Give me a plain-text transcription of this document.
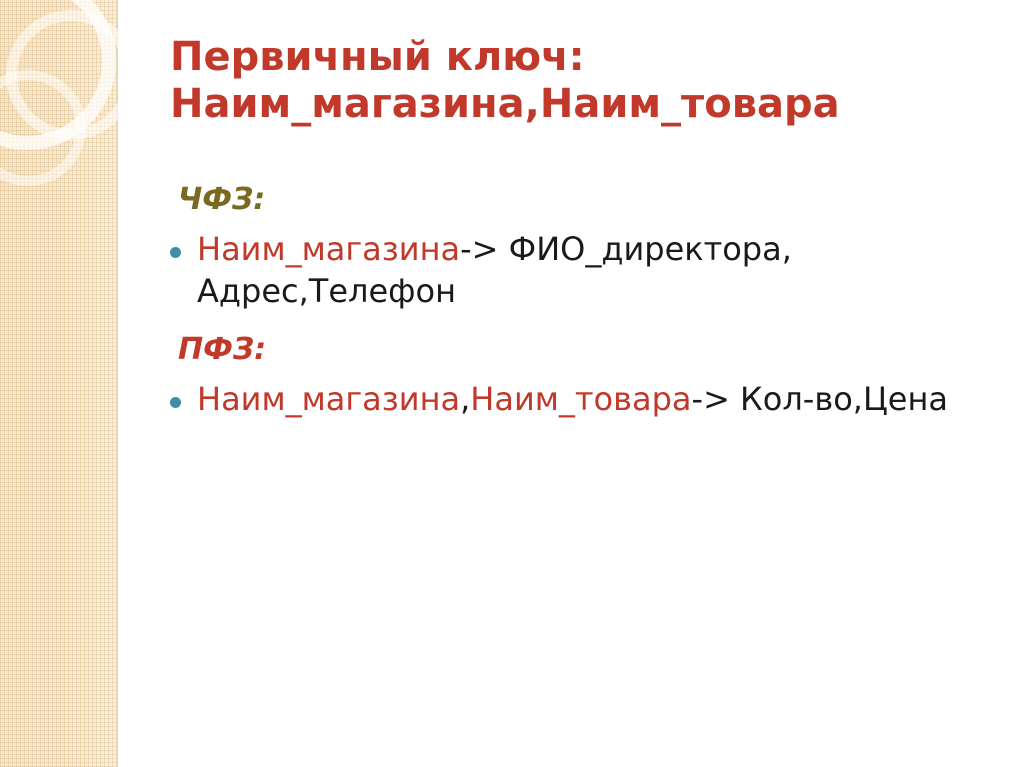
Первичный ключ:
Наим_магазина,Наим_товара
ЧФЗ:
Наим_магазина-> ФИО_директора, Адрес,Телефон
ПФЗ:
Наим_магазина,Наим_товара-> Кол-во,Цена
